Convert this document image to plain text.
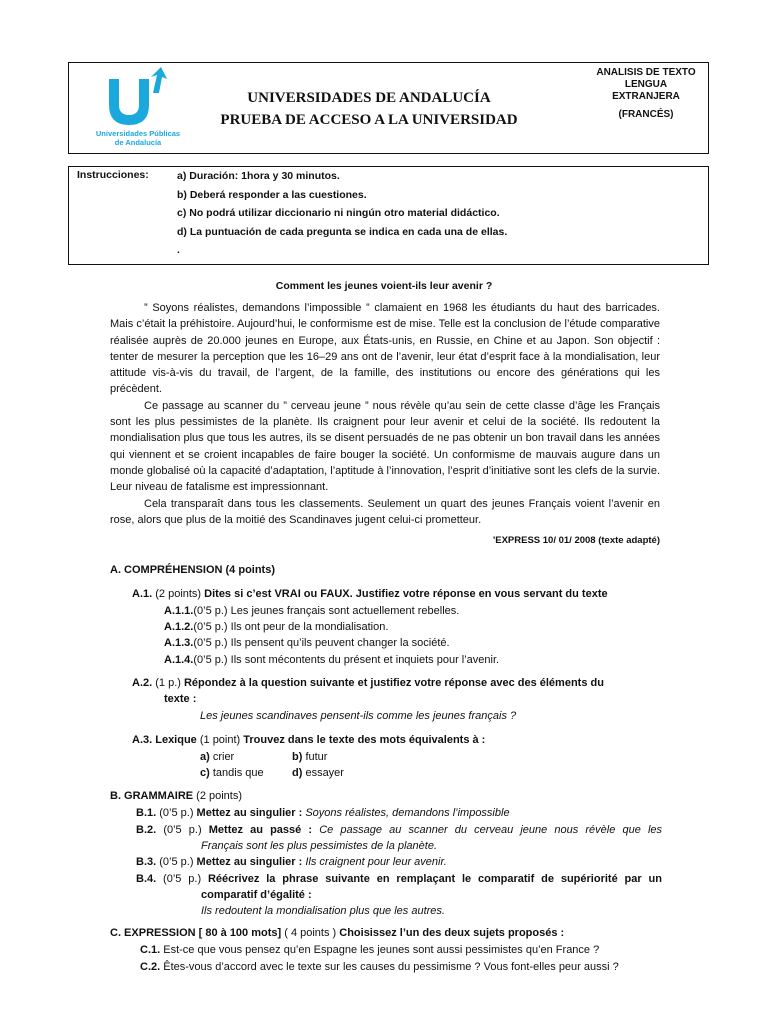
Universidades Públicas
de Andalucía
UNIVERSIDADES DE ANDALUCÍA
PRUEBA DE ACCESO A LA UNIVERSIDAD
ANALISIS DE TEXTO
LENGUA
EXTRANJERA
(FRANCÉS)
Instrucciones:	a) Duración: 1hora y 30 minutos.
b) Deberá responder a las cuestiones.
c) No podrá utilizar diccionario ni ningún otro material didáctico.
d) La puntuación de cada pregunta se indica en cada una de ellas.
.
Comment les jeunes voient-ils leur avenir ?

” Soyons réalistes, demandons l’impossible ” clamaient en 1968 les étudiants du haut des barricades. Mais c’était la préhistoire. Aujourd’hui, le conformisme est de mise. Telle est la conclusion de l’étude comparative réalisée auprès de 20.000 jeunes en Europe, aux États-unis, en Russie, en Chine et au Japon. Son objectif : tenter de mesurer la perception que les 16–29 ans ont de l’avenir, leur état d’esprit face à la mondialisation, leur attitude vis-à-vis du travail, de l’argent, de la famille, des institutions ou encore des générations qui les précèdent.

Ce passage au scanner du ” cerveau jeune ” nous révèle qu’au sein de cette classe d’âge les Français sont les plus pessimistes de la planète. Ils craignent pour leur avenir et celui de la société. Ils redoutent la mondialisation plus que tous les autres, ils se disent persuadés de ne pas obtenir un bon travail dans les années qui viennent et se croient incapables de faire bouger la société. Un conformisme de mauvais augure dans un monde globalisé où la capacité d’adaptation, l’aptitude à l’innovation, l’esprit d’initiative sont les clefs de la survie. Leur niveau de fatalisme est impressionnant.

Cela transparaît dans tous les classements. Seulement un quart des jeunes Français voient l’avenir en rose, alors que plus de la moitié des Scandinaves jugent celui-ci prometteur.

'EXPRESS 10/ 01/ 2008 (texte adapté)
A. COMPRÉHENSION (4 points)
A.1. (2 points) Dites si c’est VRAI ou FAUX. Justifiez votre réponse en vous servant du texte
A.1.1.(0’5 p.) Les jeunes français sont actuellement rebelles.
A.1.2.(0’5 p.) Ils ont peur de la mondialisation.
A.1.3.(0’5 p.) Ils pensent qu’ils peuvent changer la société.
A.1.4.(0’5 p.) Ils sont mécontents du présent et inquiets pour l’avenir.
A.2. (1 p.) Répondez à la question suivante et justifiez votre réponse avec des éléments du
texte :
Les jeunes scandinaves pensent-ils comme les jeunes français ?
A.3. Lexique (1 point) Trouvez dans le texte des mots équivalents à :
a) crier	b) futur
c) tandis que	d) essayer
B. GRAMMAIRE (2 points)
B.1. (0’5 p.) Mettez au singulier : Soyons réalistes, demandons l’impossible
B.2. (0’5 p.) Mettez au passé : Ce passage au scanner du cerveau jeune nous révèle que les
Français sont les plus pessimistes de la planète.
B.3. (0’5 p.) Mettez au singulier : Ils craignent pour leur avenir.
B.4. (0’5 p.) Réécrivez la phrase suivante en remplaçant le comparatif de supériorité par un
comparatif d’égalité :
Ils redoutent la mondialisation plus que les autres.
C. EXPRESSION [ 80 à 100 mots] ( 4 points ) Choisissez l’un des deux sujets proposés :
C.1. Est-ce que vous pensez qu’en Espagne les jeunes sont aussi pessimistes qu’en France ?
C.2. Êtes-vous d’accord avec le texte sur les causes du pessimisme ? Vous font-elles peur aussi ?
